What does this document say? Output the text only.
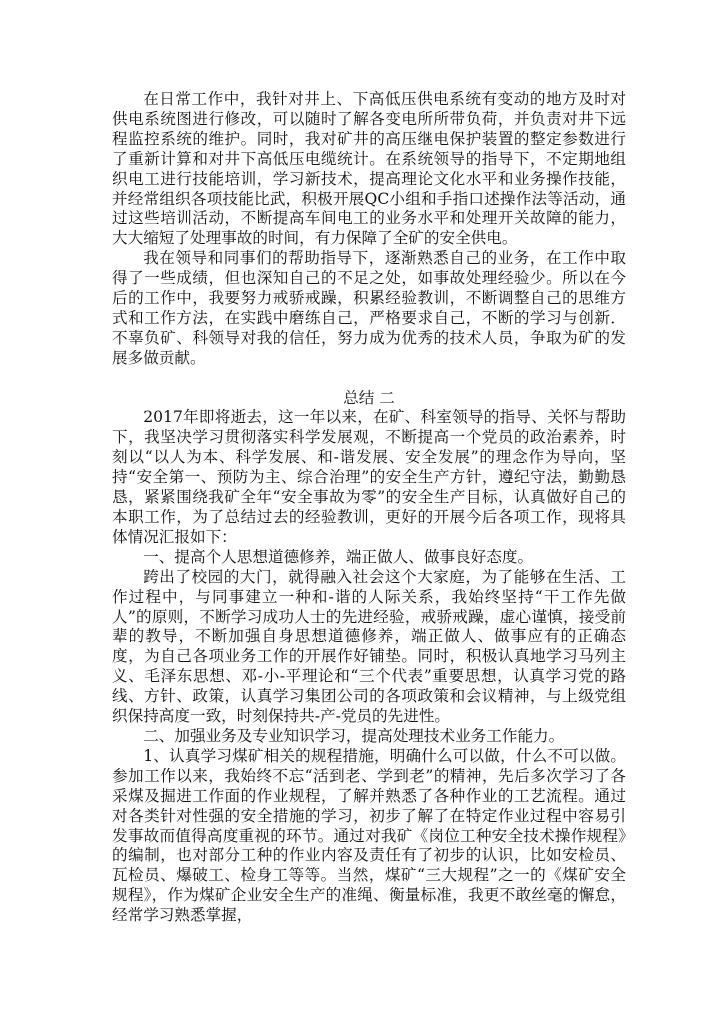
在日常工作中，我针对井上、下高低压供电系统有变动的地方及时对供电系统图进行修改，可以随时了解各变电所所带负荷，并负责对井下远程监控系统的维护。同时，我对矿井的高压继电保护装置的整定参数进行了重新计算和对井下高低压电缆统计。在系统领导的指导下，不定期地组织电工进行技能培训，学习新技术，提高理论文化水平和业务操作技能，并经常组织各项技能比武，积极开展QC小组和手指口述操作法等活动，通过这些培训活动，不断提高车间电工的业务水平和处理开关故障的能力，大大缩短了处理事故的时间，有力保障了全矿的安全供电。

我在领导和同事们的帮助指导下，逐渐熟悉自己的业务，在工作中取得了一些成绩，但也深知自己的不足之处，如事故处理经验少。所以在今后的工作中，我要努力戒骄戒躁，积累经验教训，不断调整自己的思维方式和工作方法，在实践中磨练自己，严格要求自己，不断的学习与创新．不辜负矿、科领导对我的信任，努力成为优秀的技术人员，争取为矿的发展多做贡献。

总结 二

2017年即将逝去，这一年以来，在矿、科室领导的指导、关怀与帮助下，我坚决学习贯彻落实科学发展观，不断提高一个党员的政治素养，时刻以“以人为本、科学发展、和-谐发展、安全发展”的理念作为导向，坚持“安全第一、预防为主、综合治理”的安全生产方针，遵纪守法，勤勤恳恳，紧紧围绕我矿全年“安全事故为零”的安全生产目标，认真做好自己的本职工作，为了总结过去的经验教训，更好的开展今后各项工作，现将具体情况汇报如下：

一、提高个人思想道德修养，端正做人、做事良好态度。

跨出了校园的大门，就得融入社会这个大家庭，为了能够在生活、工作过程中，与同事建立一种和-谐的人际关系，我始终坚持“干工作先做人”的原则，不断学习成功人士的先进经验，戒骄戒躁，虚心谨慎，接受前辈的教导，不断加强自身思想道德修养，端正做人、做事应有的正确态度，为自己各项业务工作的开展作好铺垫。同时，积极认真地学习马列主义、毛泽东思想、邓-小-平理论和“三个代表”重要思想，认真学习党的路线、方针、政策，认真学习集团公司的各项政策和会议精神，与上级党组织保持高度一致，时刻保持共-产-党员的先进性。

二、加强业务及专业知识学习，提高处理技术业务工作能力。

1、认真学习煤矿相关的规程措施，明确什么可以做，什么不可以做。参加工作以来，我始终不忘“活到老、学到老”的精神，先后多次学习了各采煤及掘进工作面的作业规程，了解并熟悉了各种作业的工艺流程。通过对各类针对性强的安全措施的学习，初步了解了在特定作业过程中容易引发事故而值得高度重视的环节。通过对我矿《岗位工种安全技术操作规程》的编制，也对部分工种的作业内容及责任有了初步的认识，比如安检员、瓦检员、爆破工、检身工等等。当然，煤矿“三大规程”之一的《煤矿安全规程》，作为煤矿企业安全生产的准绳、衡量标准，我更不敢丝毫的懈怠，经常学习熟悉掌握，
